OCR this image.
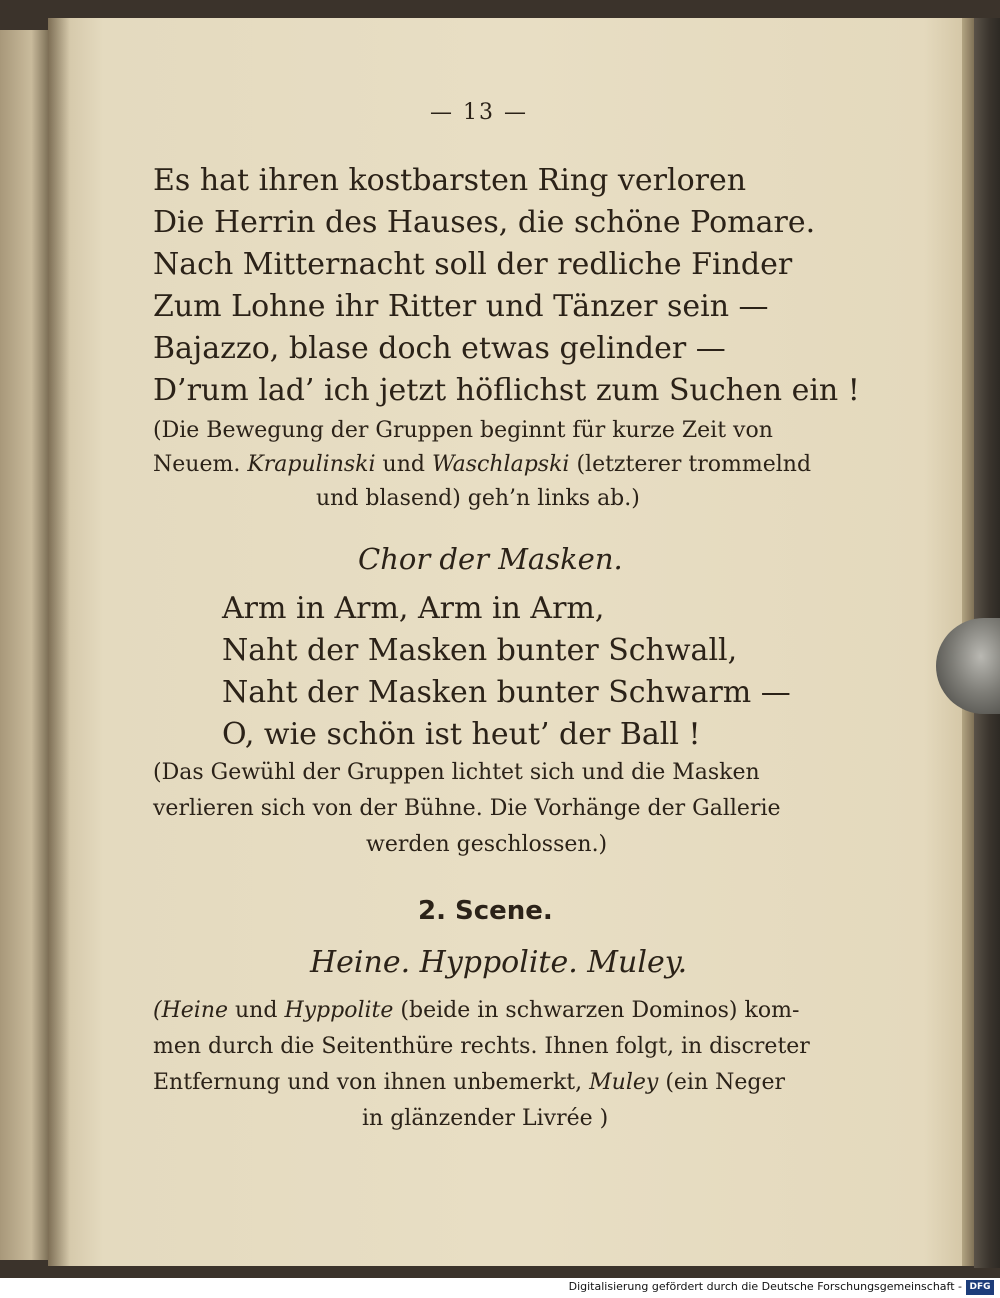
— 13 —
Es hat ihren kostbarsten Ring verloren
Die Herrin des Hauses, die schöne Pomare.
Nach Mitternacht soll der redliche Finder
Zum Lohne ihr Ritter und Tänzer sein —
Bajazzo, blase doch etwas gelinder —
D’rum lad’ ich jetzt höflichst zum Suchen ein !
(Die Bewegung der Gruppen beginnt für kurze Zeit von
Neuem. Krapulinski und Waschlapski (letzterer trommelnd
und blasend) geh’n links ab.)
Chor der Masken.
Arm in Arm, Arm in Arm,
Naht der Masken bunter Schwall,
Naht der Masken bunter Schwarm —
O, wie schön ist heut’ der Ball !
(Das Gewühl der Gruppen lichtet sich und die Masken
verlieren sich von der Bühne. Die Vorhänge der Gallerie
werden geschlossen.)
2. Scene.
Heine. Hyppolite. Muley.
(Heine und Hyppolite (beide in schwarzen Dominos) kom-
men durch die Seitenthüre rechts. Ihnen folgt, in discreter
Entfernung und von ihnen unbemerkt, Muley (ein Neger
in glänzender Livrée )
Digitalisierung gefördert durch die Deutsche Forschungsgemeinschaft - DFG
